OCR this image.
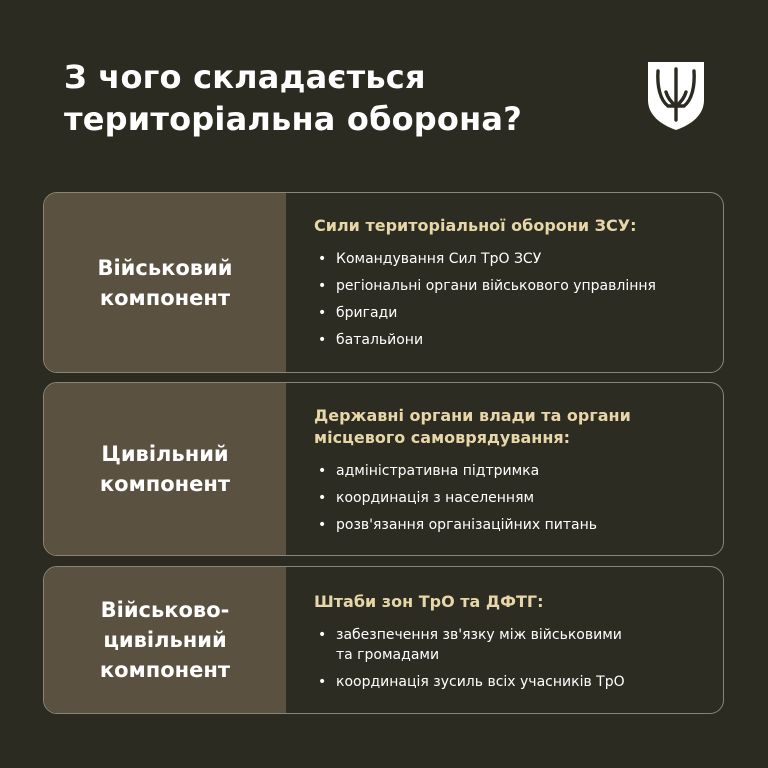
З чого складається
територіальна оборона?
Військовий
компонент
Сили територіальної оборони ЗСУ:
• Командування Сил ТрО ЗСУ
• регіональні органи військового управління
• бригади
• батальйони
Цивільний
компонент
Державні органи влади та органи
місцевого самоврядування:
• адміністративна підтримка
• координація з населенням
• розв'язання організаційних питань
Військово-
цивільний
компонент
Штаби зон ТрО та ДФТГ:
• забезпечення зв'язку між військовими
та громадами
• координація зусиль всіх учасників ТрО
